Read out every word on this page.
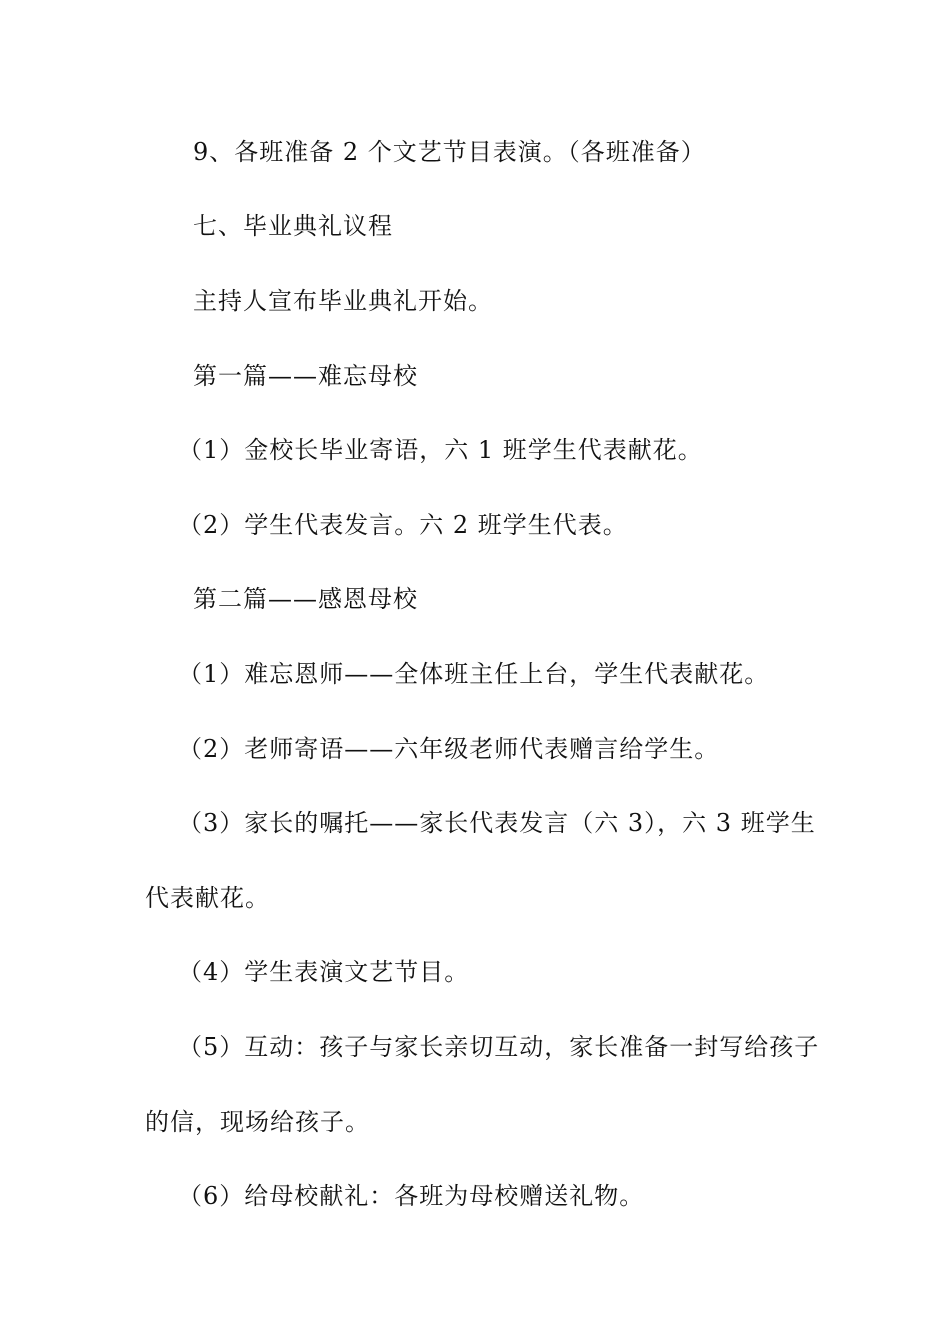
9、各班准备 2 个文艺节目表演。（各班准备）
七、毕业典礼议程
主持人宣布毕业典礼开始。
第一篇——难忘母校
（1）金校长毕业寄语，六 1 班学生代表献花。
（2）学生代表发言。六 2 班学生代表。
第二篇——感恩母校
（1）难忘恩师——全体班主任上台，学生代表献花。
（2）老师寄语——六年级老师代表赠言给学生。
（3）家长的嘱托——家长代表发言（六 3），六 3 班学生
代表献花。
（4）学生表演文艺节目。
（5）互动：孩子与家长亲切互动，家长准备一封写给孩子
的信，现场给孩子。
（6）给母校献礼：各班为母校赠送礼物。
